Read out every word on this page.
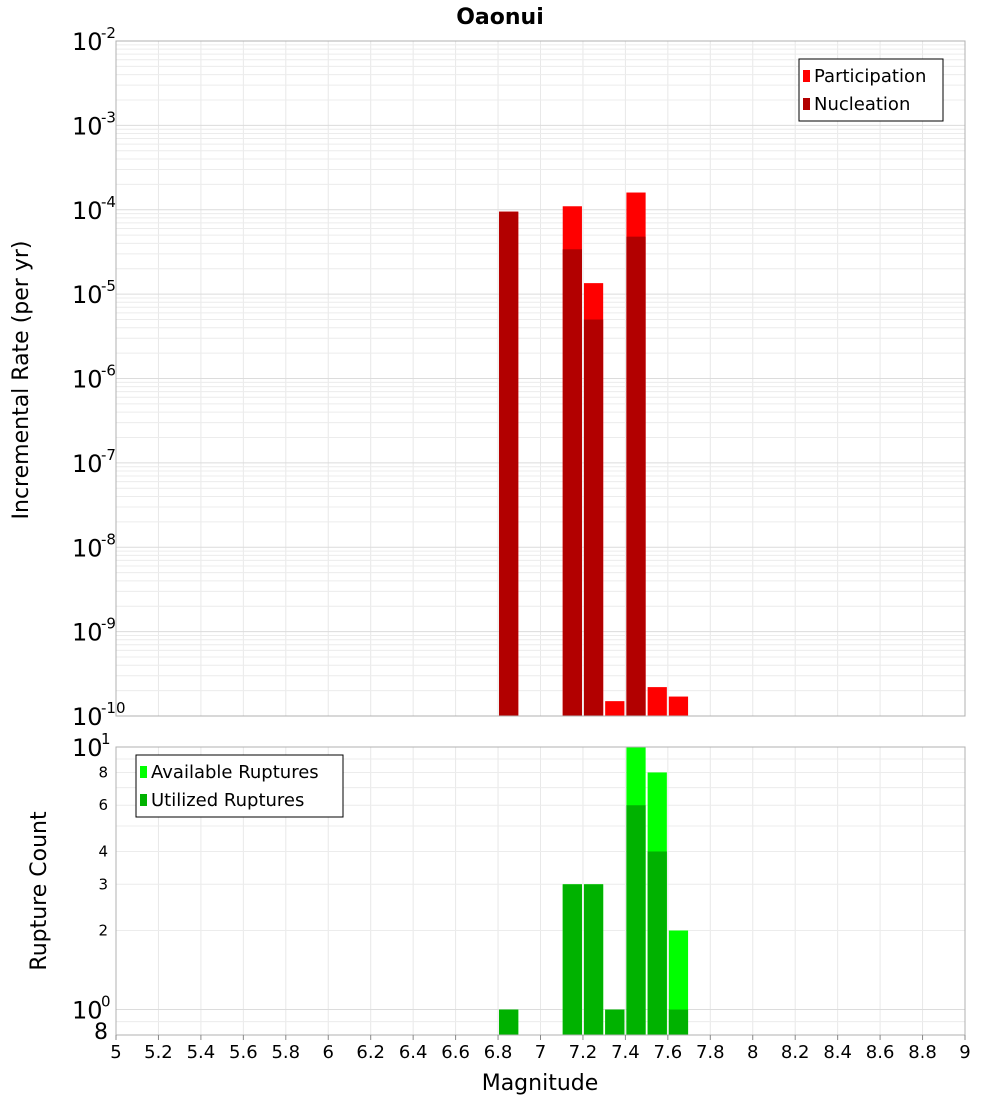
Oaonui
10
-2
10
-3
10
-4
10
-5
10
-6
10
-7
10
-8
10
-9
10
-10
Incremental Rate (per yr)
Participation
Nucleation
10
1
10
0
8
6
4
3
2
8
Rupture Count
Available Ruptures
Utilized Ruptures
5 5.2 5.4 5.6 5.8 6 6.2 6.4 6.6 6.8 7 7.2 7.4 7.6 7.8 8 8.2 8.4 8.6 8.8 9
Magnitude
